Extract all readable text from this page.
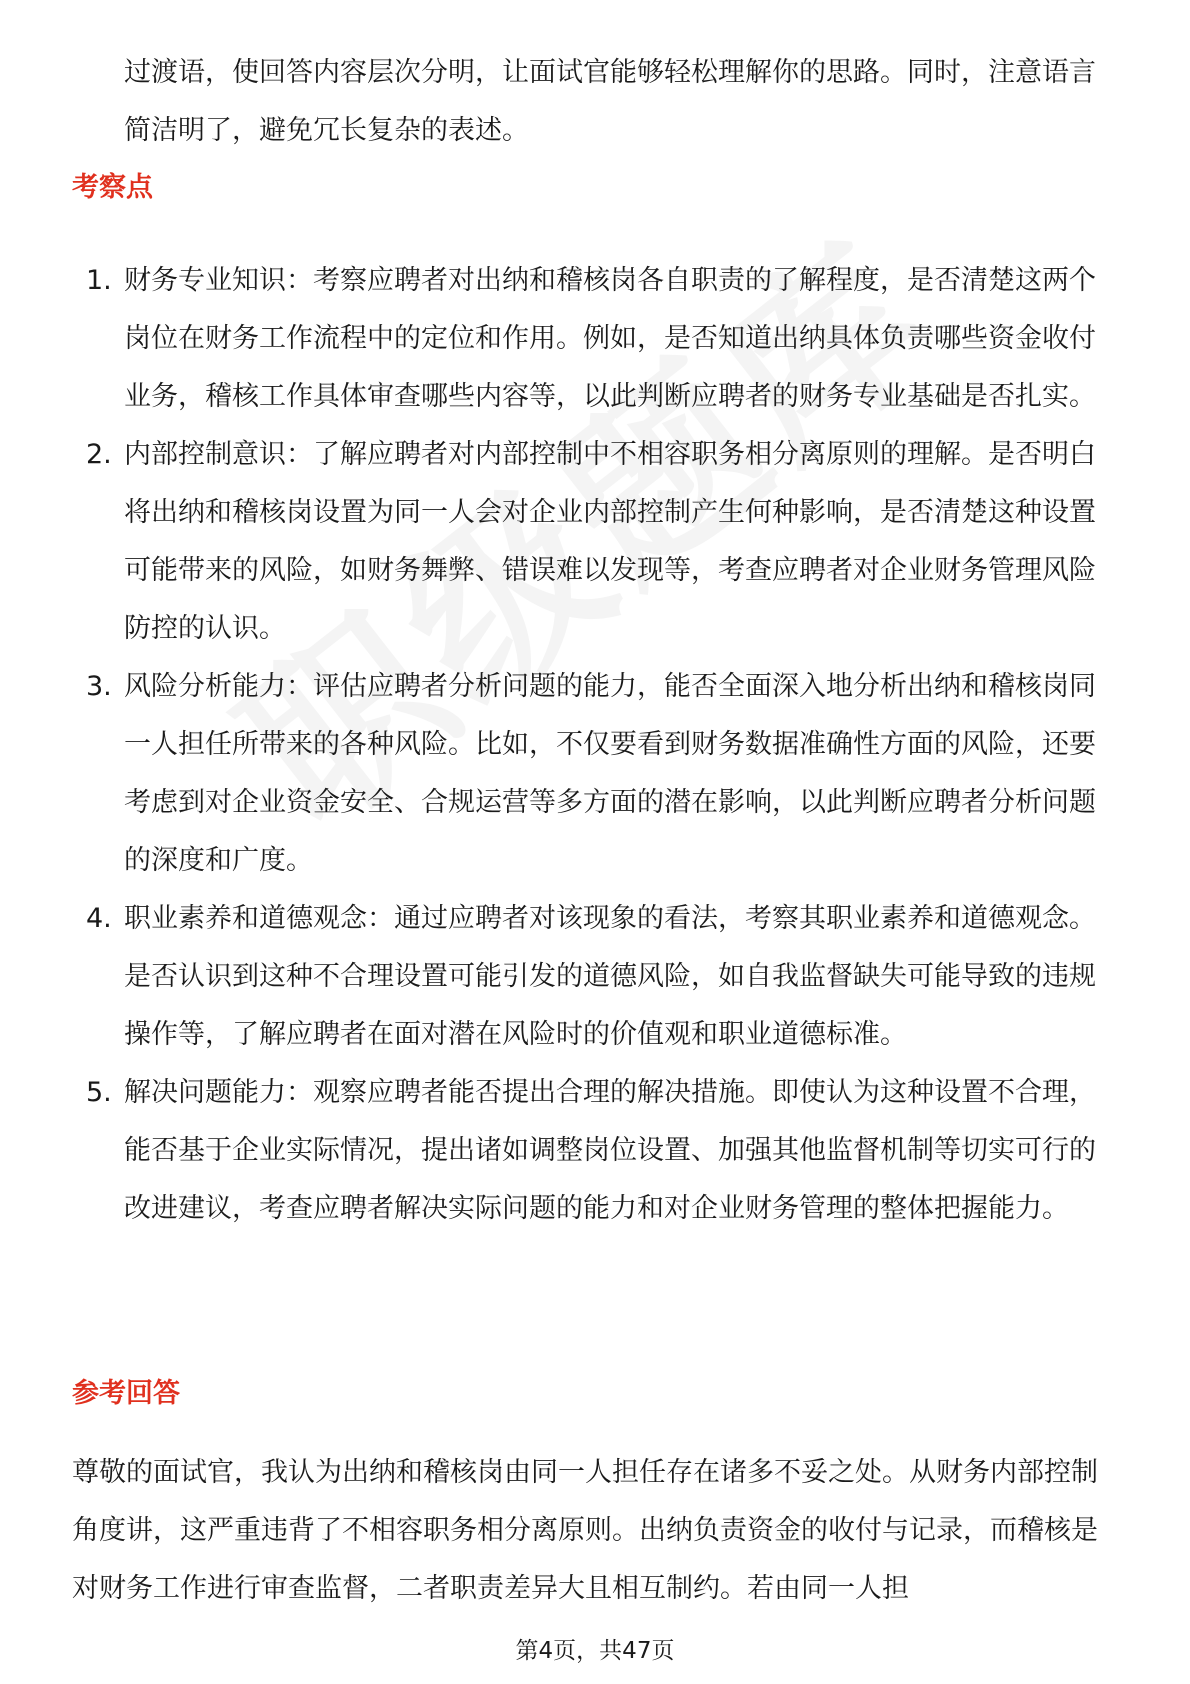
过渡语，使回答内容层次分明，让面试官能够轻松理解你的思路。同时，注意语言简洁明了，避免冗长复杂的表述。

考察点
1. 财务专业知识：考察应聘者对出纳和稽核岗各自职责的了解程度，是否清楚这两个岗位在财务工作流程中的定位和作用。例如，是否知道出纳具体负责哪些资金收付业务，稽核工作具体审查哪些内容等，以此判断应聘者的财务专业基础是否扎实。
2. 内部控制意识：了解应聘者对内部控制中不相容职务相分离原则的理解。是否明白将出纳和稽核岗设置为同一人会对企业内部控制产生何种影响，是否清楚这种设置可能带来的风险，如财务舞弊、错误难以发现等，考查应聘者对企业财务管理风险防控的认识。
3. 风险分析能力：评估应聘者分析问题的能力，能否全面深入地分析出纳和稽核岗同一人担任所带来的各种风险。比如，不仅要看到财务数据准确性方面的风险，还要考虑到对企业资金安全、合规运营等多方面的潜在影响，以此判断应聘者分析问题的深度和广度。
4. 职业素养和道德观念：通过应聘者对该现象的看法，考察其职业素养和道德观念。是否认识到这种不合理设置可能引发的道德风险，如自我监督缺失可能导致的违规操作等，了解应聘者在面对潜在风险时的价值观和职业道德标准。
5. 解决问题能力：观察应聘者能否提出合理的解决措施。即使认为这种设置不合理，能否基于企业实际情况，提出诸如调整岗位设置、加强其他监督机制等切实可行的改进建议，考查应聘者解决实际问题的能力和对企业财务管理的整体把握能力。
参考回答

尊敬的面试官，我认为出纳和稽核岗由同一人担任存在诸多不妥之处。从财务内部控制角度讲，这严重违背了不相容职务相分离原则。出纳负责资金的收付与记录，而稽核是对财务工作进行审查监督，二者职责差异大且相互制约。若由同一人担

第4页，共47页
